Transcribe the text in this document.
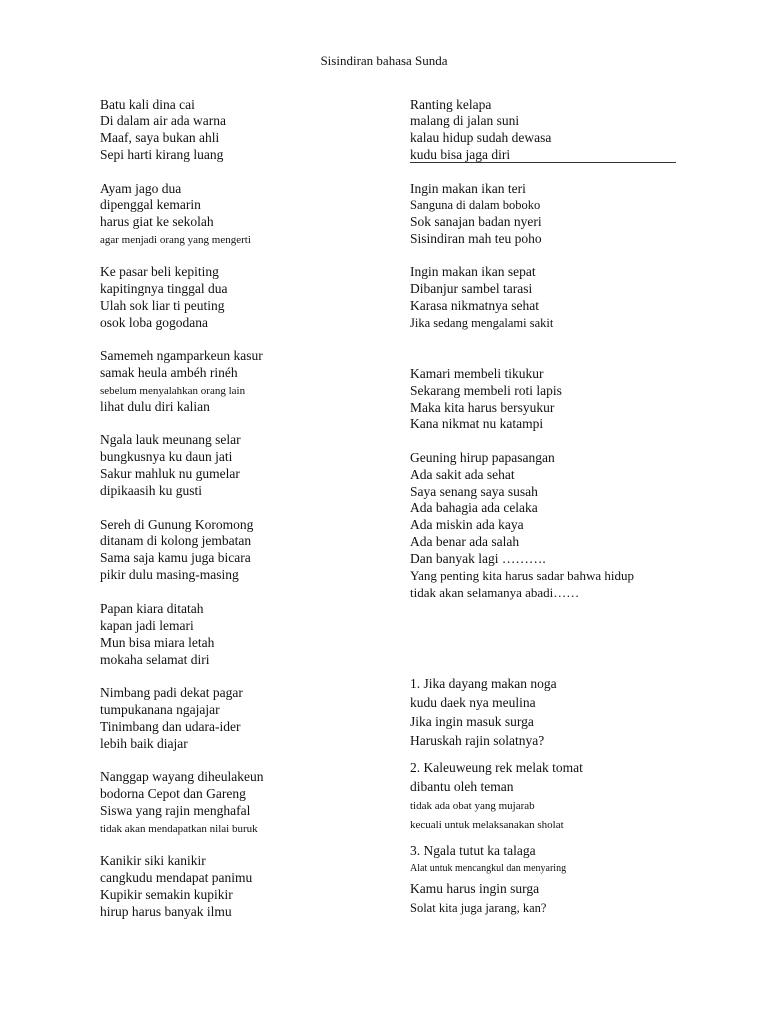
Sisindiran bahasa Sunda
Batu kali dina cai
Di dalam air ada warna
Maaf, saya bukan ahli
Sepi harti kirang luang
Ayam jago dua
dipenggal kemarin
harus giat ke sekolah
agar menjadi orang yang mengerti
Ke pasar beli kepiting
kapitingnya tinggal dua
Ulah sok liar ti peuting
osok loba gogodana
Samemeh ngamparkeun kasur
samak heula ambéh rinéh
sebelum menyalahkan orang lain
lihat dulu diri kalian
Ngala lauk meunang selar
bungkusnya ku daun jati
Sakur mahluk nu gumelar
dipikaasih ku gusti
Sereh di Gunung Koromong
ditanam di kolong jembatan
Sama saja kamu juga bicara
pikir dulu masing-masing
Papan kiara ditatah
kapan jadi lemari
Mun bisa miara letah
mokaha selamat diri
Nimbang padi dekat pagar
tumpukanana ngajajar
Tinimbang dan udara-ider
lebih baik diajar
Nanggap wayang diheulakeun
bodorna Cepot dan Gareng
Siswa yang rajin menghafal
tidak akan mendapatkan nilai buruk
Kanikir siki kanikir
cangkudu mendapat panimu
Kupikir semakin kupikir
hirup harus banyak ilmu
Ranting kelapa
malang di jalan suni
kalau hidup sudah dewasa
kudu bisa jaga diri
Ingin makan ikan teri
Sanguna di dalam boboko
Sok sanajan badan nyeri
Sisindiran mah teu poho
Ingin makan ikan sepat
Dibanjur sambel tarasi
Karasa nikmatnya sehat
Jika sedang mengalami sakit
Kamari membeli tikukur
Sekarang membeli roti lapis
Maka kita harus bersyukur
Kana nikmat nu katampi
Geuning hirup papasangan
Ada sakit ada sehat
Saya senang saya susah
Ada bahagia ada celaka
Ada miskin ada kaya
Ada benar ada salah
Dan banyak lagi ……….
Yang penting kita harus sadar bahwa hidup
tidak akan selamanya abadi……
1. Jika dayang makan noga
kudu daek nya meulina
Jika ingin masuk surga
Haruskah rajin solatnya?
2. Kaleuweung rek melak tomat
dibantu oleh teman
tidak ada obat yang mujarab
kecuali untuk melaksanakan sholat
3. Ngala tutut ka talaga
Alat untuk mencangkul dan menyaring
Kamu harus ingin surga
Solat kita juga jarang, kan?
